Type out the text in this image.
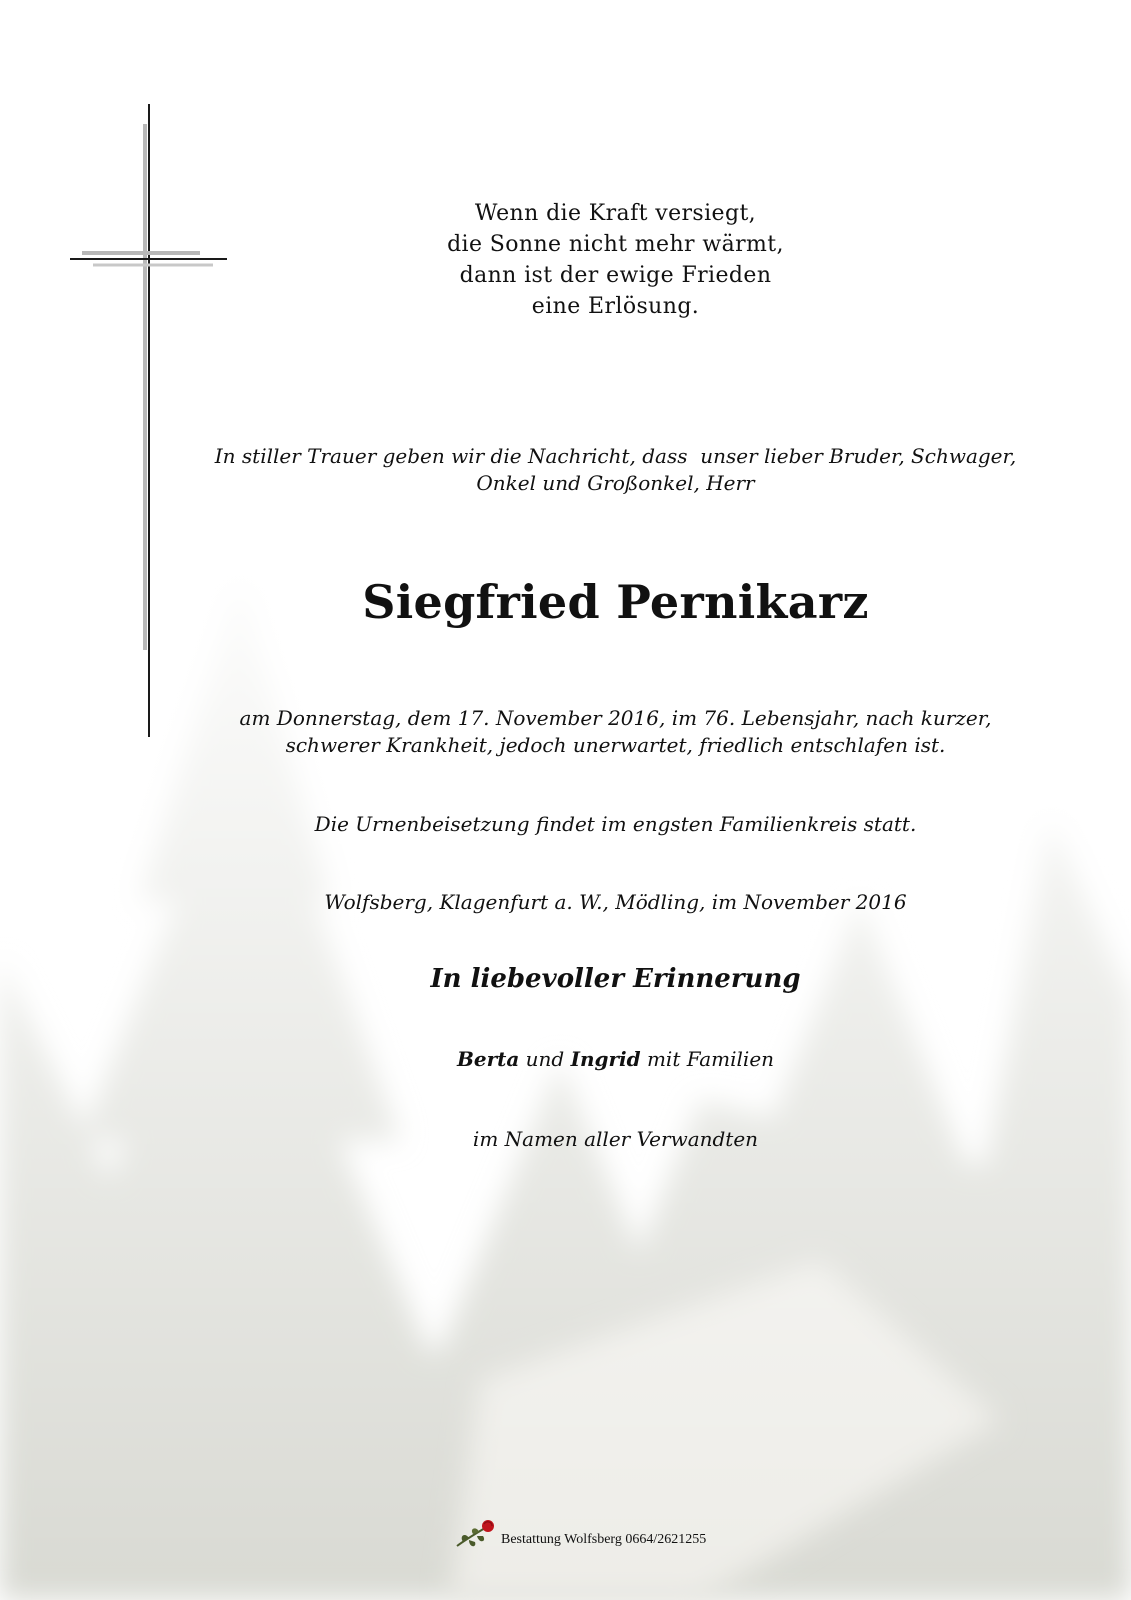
Wenn die Kraft versiegt,
die Sonne nicht mehr wärmt,
dann ist der ewige Frieden
eine Erlösung.
In stiller Trauer geben wir die Nachricht, dass  unser lieber Bruder, Schwager,
Onkel und Großonkel, Herr
Siegfried Pernikarz
am Donnerstag, dem 17. November 2016, im 76. Lebensjahr, nach kurzer,
schwerer Krankheit, jedoch unerwartet, friedlich entschlafen ist.
Die Urnenbeisetzung findet im engsten Familienkreis statt.
Wolfsberg, Klagenfurt a. W., Mödling, im November 2016
In liebevoller Erinnerung
Berta und Ingrid mit Familien
im Namen aller Verwandten
Bestattung Wolfsberg 0664/2621255
